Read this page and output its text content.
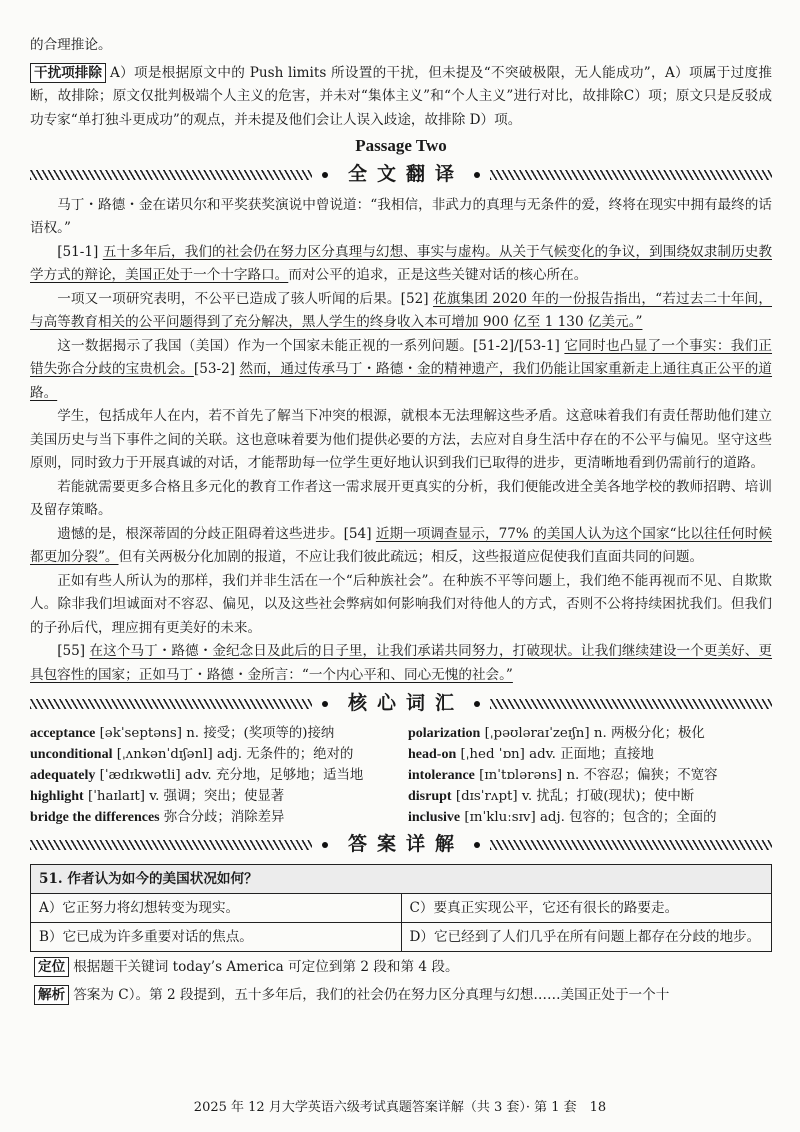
的合理推论。

干扰项排除 A）项是根据原文中的 Push limits 所设置的干扰，但未提及“不突破极限，无人能成功”，A）项属于过度推断，故排除；原文仅批判极端个人主义的危害，并未对“集体主义”和“个人主义”进行对比，故排除C）项；原文只是反驳成功专家“单打独斗更成功”的观点，并未提及他们会让人误入歧途，故排除 D）项。

Passage Two
全文翻译

马丁・路德・金在诺贝尔和平奖获奖演说中曾说道：“我相信，非武力的真理与无条件的爱，终将在现实中拥有最终的话语权。”

[51-1] 五十多年后，我们的社会仍在努力区分真理与幻想、事实与虚构。从关于气候变化的争议，到围绕奴隶制历史教学方式的辩论，美国正处于一个十字路口。而对公平的追求，正是这些关键对话的核心所在。

一项又一项研究表明，不公平已造成了骇人听闻的后果。[52] 花旗集团 2020 年的一份报告指出，“若过去二十年间，与高等教育相关的公平问题得到了充分解决，黑人学生的终身收入本可增加 900 亿至 1 130 亿美元。”

这一数据揭示了我国（美国）作为一个国家未能正视的一系列问题。[51-2]/[53-1] 它同时也凸显了一个事实：我们正错失弥合分歧的宝贵机会。[53-2] 然而，通过传承马丁・路德・金的精神遗产，我们仍能让国家重新走上通往真正公平的道路。

学生，包括成年人在内，若不首先了解当下冲突的根源，就根本无法理解这些矛盾。这意味着我们有责任帮助他们建立美国历史与当下事件之间的关联。这也意味着要为他们提供必要的方法，去应对自身生活中存在的不公平与偏见。坚守这些原则，同时致力于开展真诚的对话，才能帮助每一位学生更好地认识到我们已取得的进步，更清晰地看到仍需前行的道路。

若能就需要更多合格且多元化的教育工作者这一需求展开更真实的分析，我们便能改进全美各地学校的教师招聘、培训及留存策略。

遗憾的是，根深蒂固的分歧正阻碍着这些进步。[54] 近期一项调查显示，77% 的美国人认为这个国家“比以往任何时候都更加分裂”。但有关两极分化加剧的报道，不应让我们彼此疏远；相反，这些报道应促使我们直面共同的问题。

正如有些人所认为的那样，我们并非生活在一个“后种族社会”。在种族不平等问题上，我们绝不能再视而不见、自欺欺人。除非我们坦诚面对不容忍、偏见，以及这些社会弊病如何影响我们对待他人的方式，否则不公将持续困扰我们。但我们的子孙后代，理应拥有更美好的未来。

[55] 在这个马丁・路德・金纪念日及此后的日子里，让我们承诺共同努力，打破现状。让我们继续建设一个更美好、更具包容性的国家；正如马丁・路德・金所言：“一个内心平和、同心无愧的社会。”

核心词汇
acceptance [əkˈseptəns] n. 接受；(奖项等的)接纳	polarization [ˌpəʊləraɪˈzeɪʃn] n. 两极分化；极化
unconditional [ˌʌnkənˈdɪʃənl] adj. 无条件的；绝对的	head-on [ˌhed ˈɒn] adv. 正面地；直接地
adequately [ˈædɪkwətli] adv. 充分地，足够地；适当地	intolerance [ɪnˈtɒlərəns] n. 不容忍；偏狭；不宽容
highlight [ˈhaɪlaɪt] v. 强调；突出；使显著	disrupt [dɪsˈrʌpt] v. 扰乱；打破(现状)；使中断
bridge the differences 弥合分歧；消除差异	inclusive [ɪnˈkluːsɪv] adj. 包容的；包含的；全面的
答案详解
51. 作者认为如今的美国状况如何？	
A）它正努力将幻想转变为现实。	C）要真正实现公平，它还有很长的路要走。
B）它已成为许多重要对话的焦点。	D）它已经到了人们几乎在所有问题上都存在分歧的地步。

定位 根据题干关键词 today’s America 可定位到第 2 段和第 4 段。

解析 答案为 C）。第 2 段提到，五十多年后，我们的社会仍在努力区分真理与幻想……美国正处于一个十

2025 年 12 月大学英语六级考试真题答案详解（共 3 套）· 第 1 套　18
